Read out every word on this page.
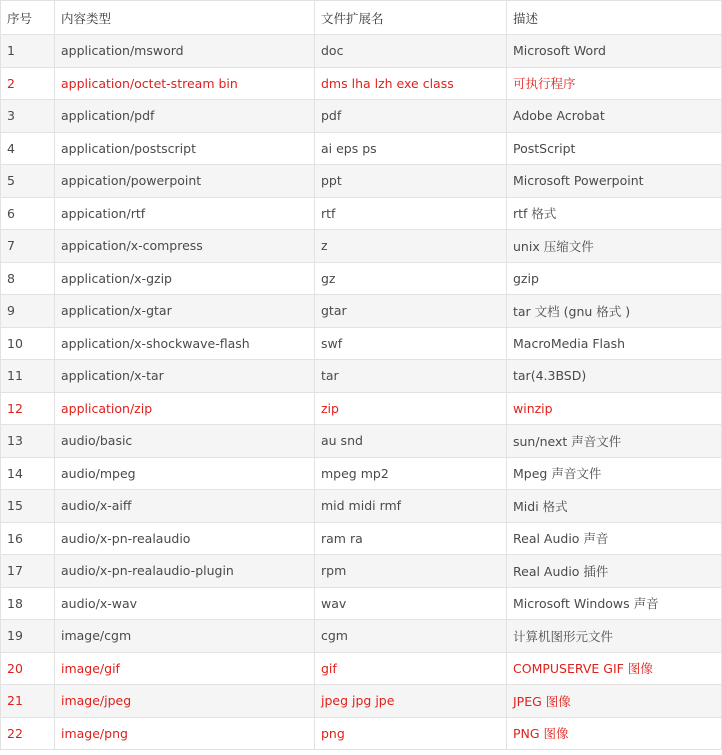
序号	内容类型	文件扩展名	描述
1	application/msword	doc	Microsoft Word
2	application/octet-stream bin	dms lha lzh exe class	可执行程序
3	application/pdf	pdf	Adobe Acrobat
4	application/postscript	ai eps ps	PostScript
5	appication/powerpoint	ppt	Microsoft Powerpoint
6	appication/rtf	rtf	rtf 格式
7	appication/x-compress	z	unix 压缩文件
8	application/x-gzip	gz	gzip
9	application/x-gtar	gtar	tar 文档 (gnu 格式 )
10	application/x-shockwave-flash	swf	MacroMedia Flash
11	application/x-tar	tar	tar(4.3BSD)
12	application/zip	zip	winzip
13	audio/basic	au snd	sun/next 声音文件
14	audio/mpeg	mpeg mp2	Mpeg 声音文件
15	audio/x-aiff	mid midi rmf	Midi 格式
16	audio/x-pn-realaudio	ram ra	Real Audio 声音
17	audio/x-pn-realaudio-plugin	rpm	Real Audio 插件
18	audio/x-wav	wav	Microsoft Windows 声音
19	image/cgm	cgm	计算机图形元文件
20	image/gif	gif	COMPUSERVE GIF 图像
21	image/jpeg	jpeg jpg jpe	JPEG 图像
22	image/png	png	PNG 图像
